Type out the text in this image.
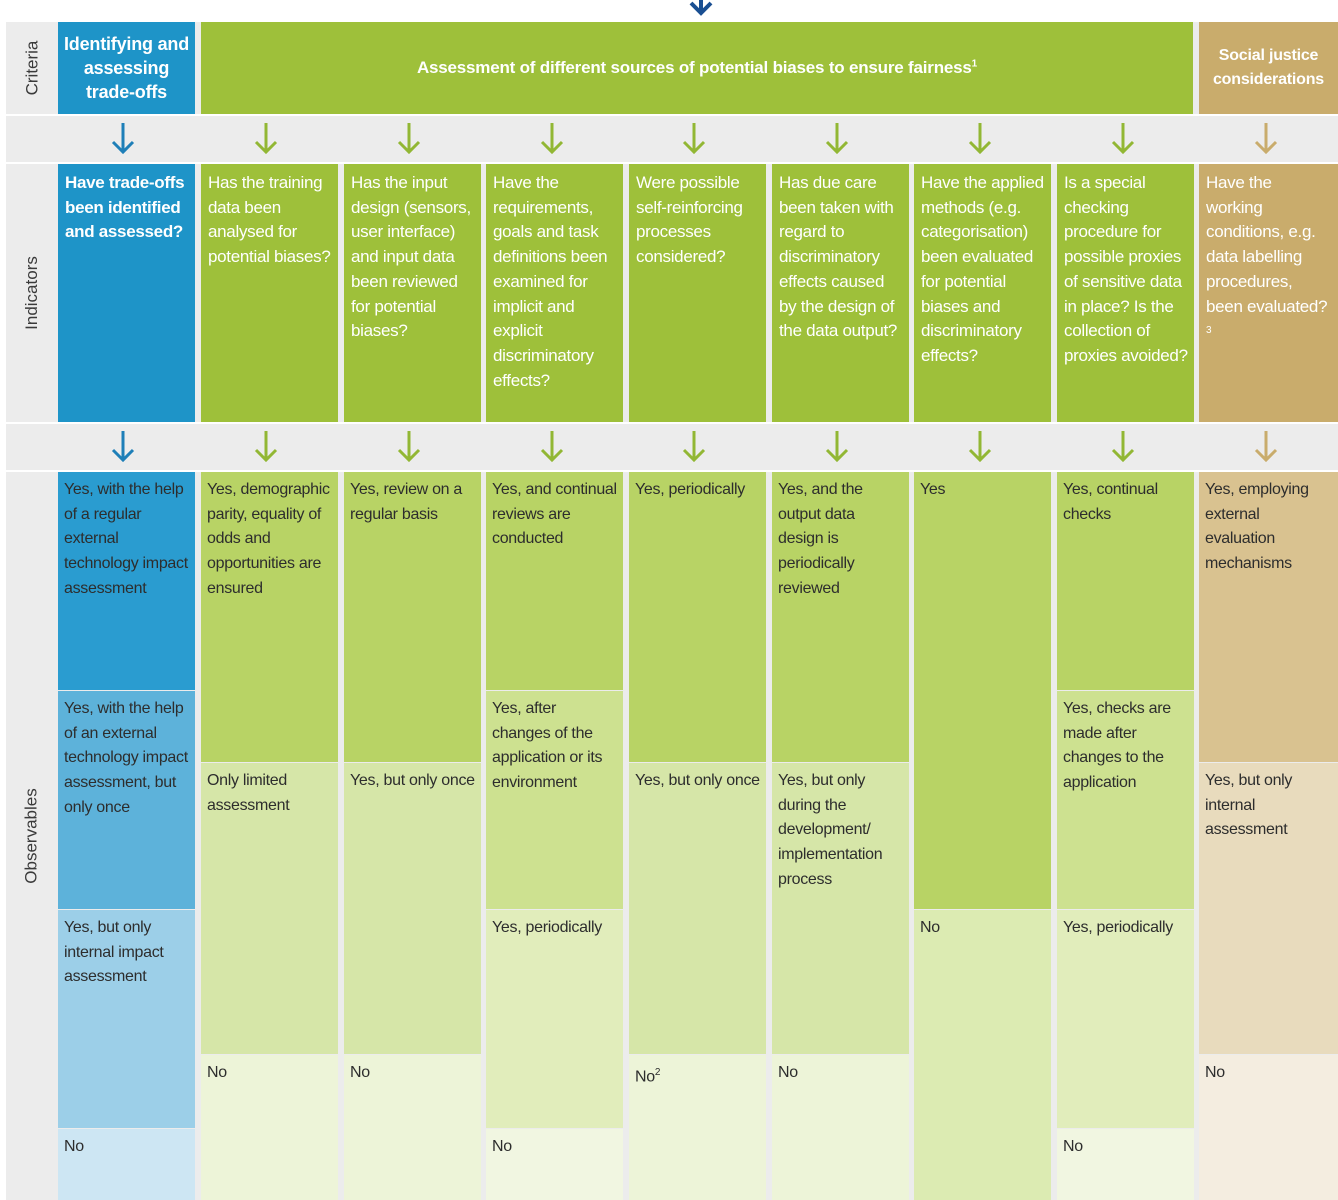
Criteria
Indicators
Observables
Identifying and assessing trade-offs
Assessment of different sources of potential biases to ensure fairness$^1$	Social justice considerations
Have trade-offs been identified and assessed?
Has the training data been analysed for potential biases?
Has the input design (sensors, user interface) and input data been reviewed for potential biases?
Have the requirements, goals and task definitions been examined for implicit and explicit discriminatory effects?
Were possible self-reinforcing processes considered?
Has due care been taken with regard to discriminatory effects caused by the design of the data output?
Have the applied methods (e.g. categorisation) been evaluated for potential biases and discriminatory effects?
Is a special checking procedure for possible proxies of sensitive data in place? Is the collection of proxies avoided?
Have the working conditions, e.g. data labelling procedures, been evaluated?$^3$
Yes, with the help of a regular external technology impact assessment
Yes, with the help of an external technology impact assessment, but only once
Yes, but only internal impact assessment
No
Yes, demographic parity, equality of odds and opportunities are ensured
Only limited assessment
No
Yes, review on a regular basis
Yes, but only once
No
Yes, and continual reviews are conducted
Yes, after changes of the application or its environment
Yes, periodically
No
Yes, periodically
Yes, but only once
No$^2$
Yes, and the output data design is periodically reviewed
Yes, but only during the development/ implementation process
No
Yes
No
Yes, continual checks
Yes, checks are made after changes to the application
Yes, periodically
No
Yes, employing external evaluation mechanisms
Yes, but only internal assessment
No
